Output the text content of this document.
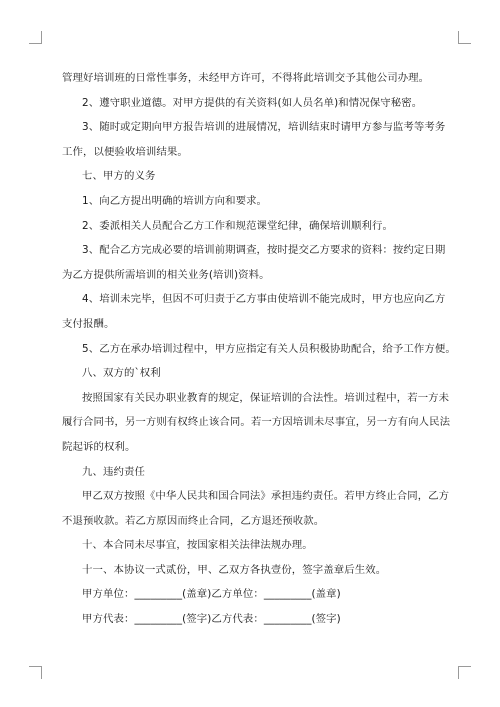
管理好培训班的日常性事务，未经甲方许可，不得将此培训交予其他公司办理。
2、遵守职业道德。对甲方提供的有关资料(如人员名单)和情况保守秘密。
3、随时或定期向甲方报告培训的进展情况，培训结束时请甲方参与监考等考务
工作，以便验收培训结果。
七、甲方的义务
1、向乙方提出明确的培训方向和要求。
2、委派相关人员配合乙方工作和规范课堂纪律，确保培训顺利行。
3、配合乙方完成必要的培训前期调查，按时提交乙方要求的资料：按约定日期
为乙方提供所需培训的相关业务(培训)资料。
4、培训未完毕，但因不可归责于乙方事由使培训不能完成时，甲方也应向乙方
支付报酬。
5、乙方在承办培训过程中，甲方应指定有关人员积极协助配合，给予工作方便。
八、双方的`权利
按照国家有关民办职业教育的规定，保证培训的合法性。培训过程中，若一方未
履行合同书，另一方则有权终止该合同。若一方因培训未尽事宜，另一方有向人民法
院起诉的权利。
九、违约责任
甲乙双方按照《中华人民共和国合同法》承担违约责任。若甲方终止合同，乙方
不退预收款。若乙方原因而终止合同，乙方退还预收款。
十、本合同未尽事宜，按国家相关法律法规办理。
十一、本协议一式贰份，甲、乙双方各执壹份，签字盖章后生效。
甲方单位：_________(盖章)乙方单位：_________(盖章)
甲方代表：_________(签字)乙方代表：_________(签字)
